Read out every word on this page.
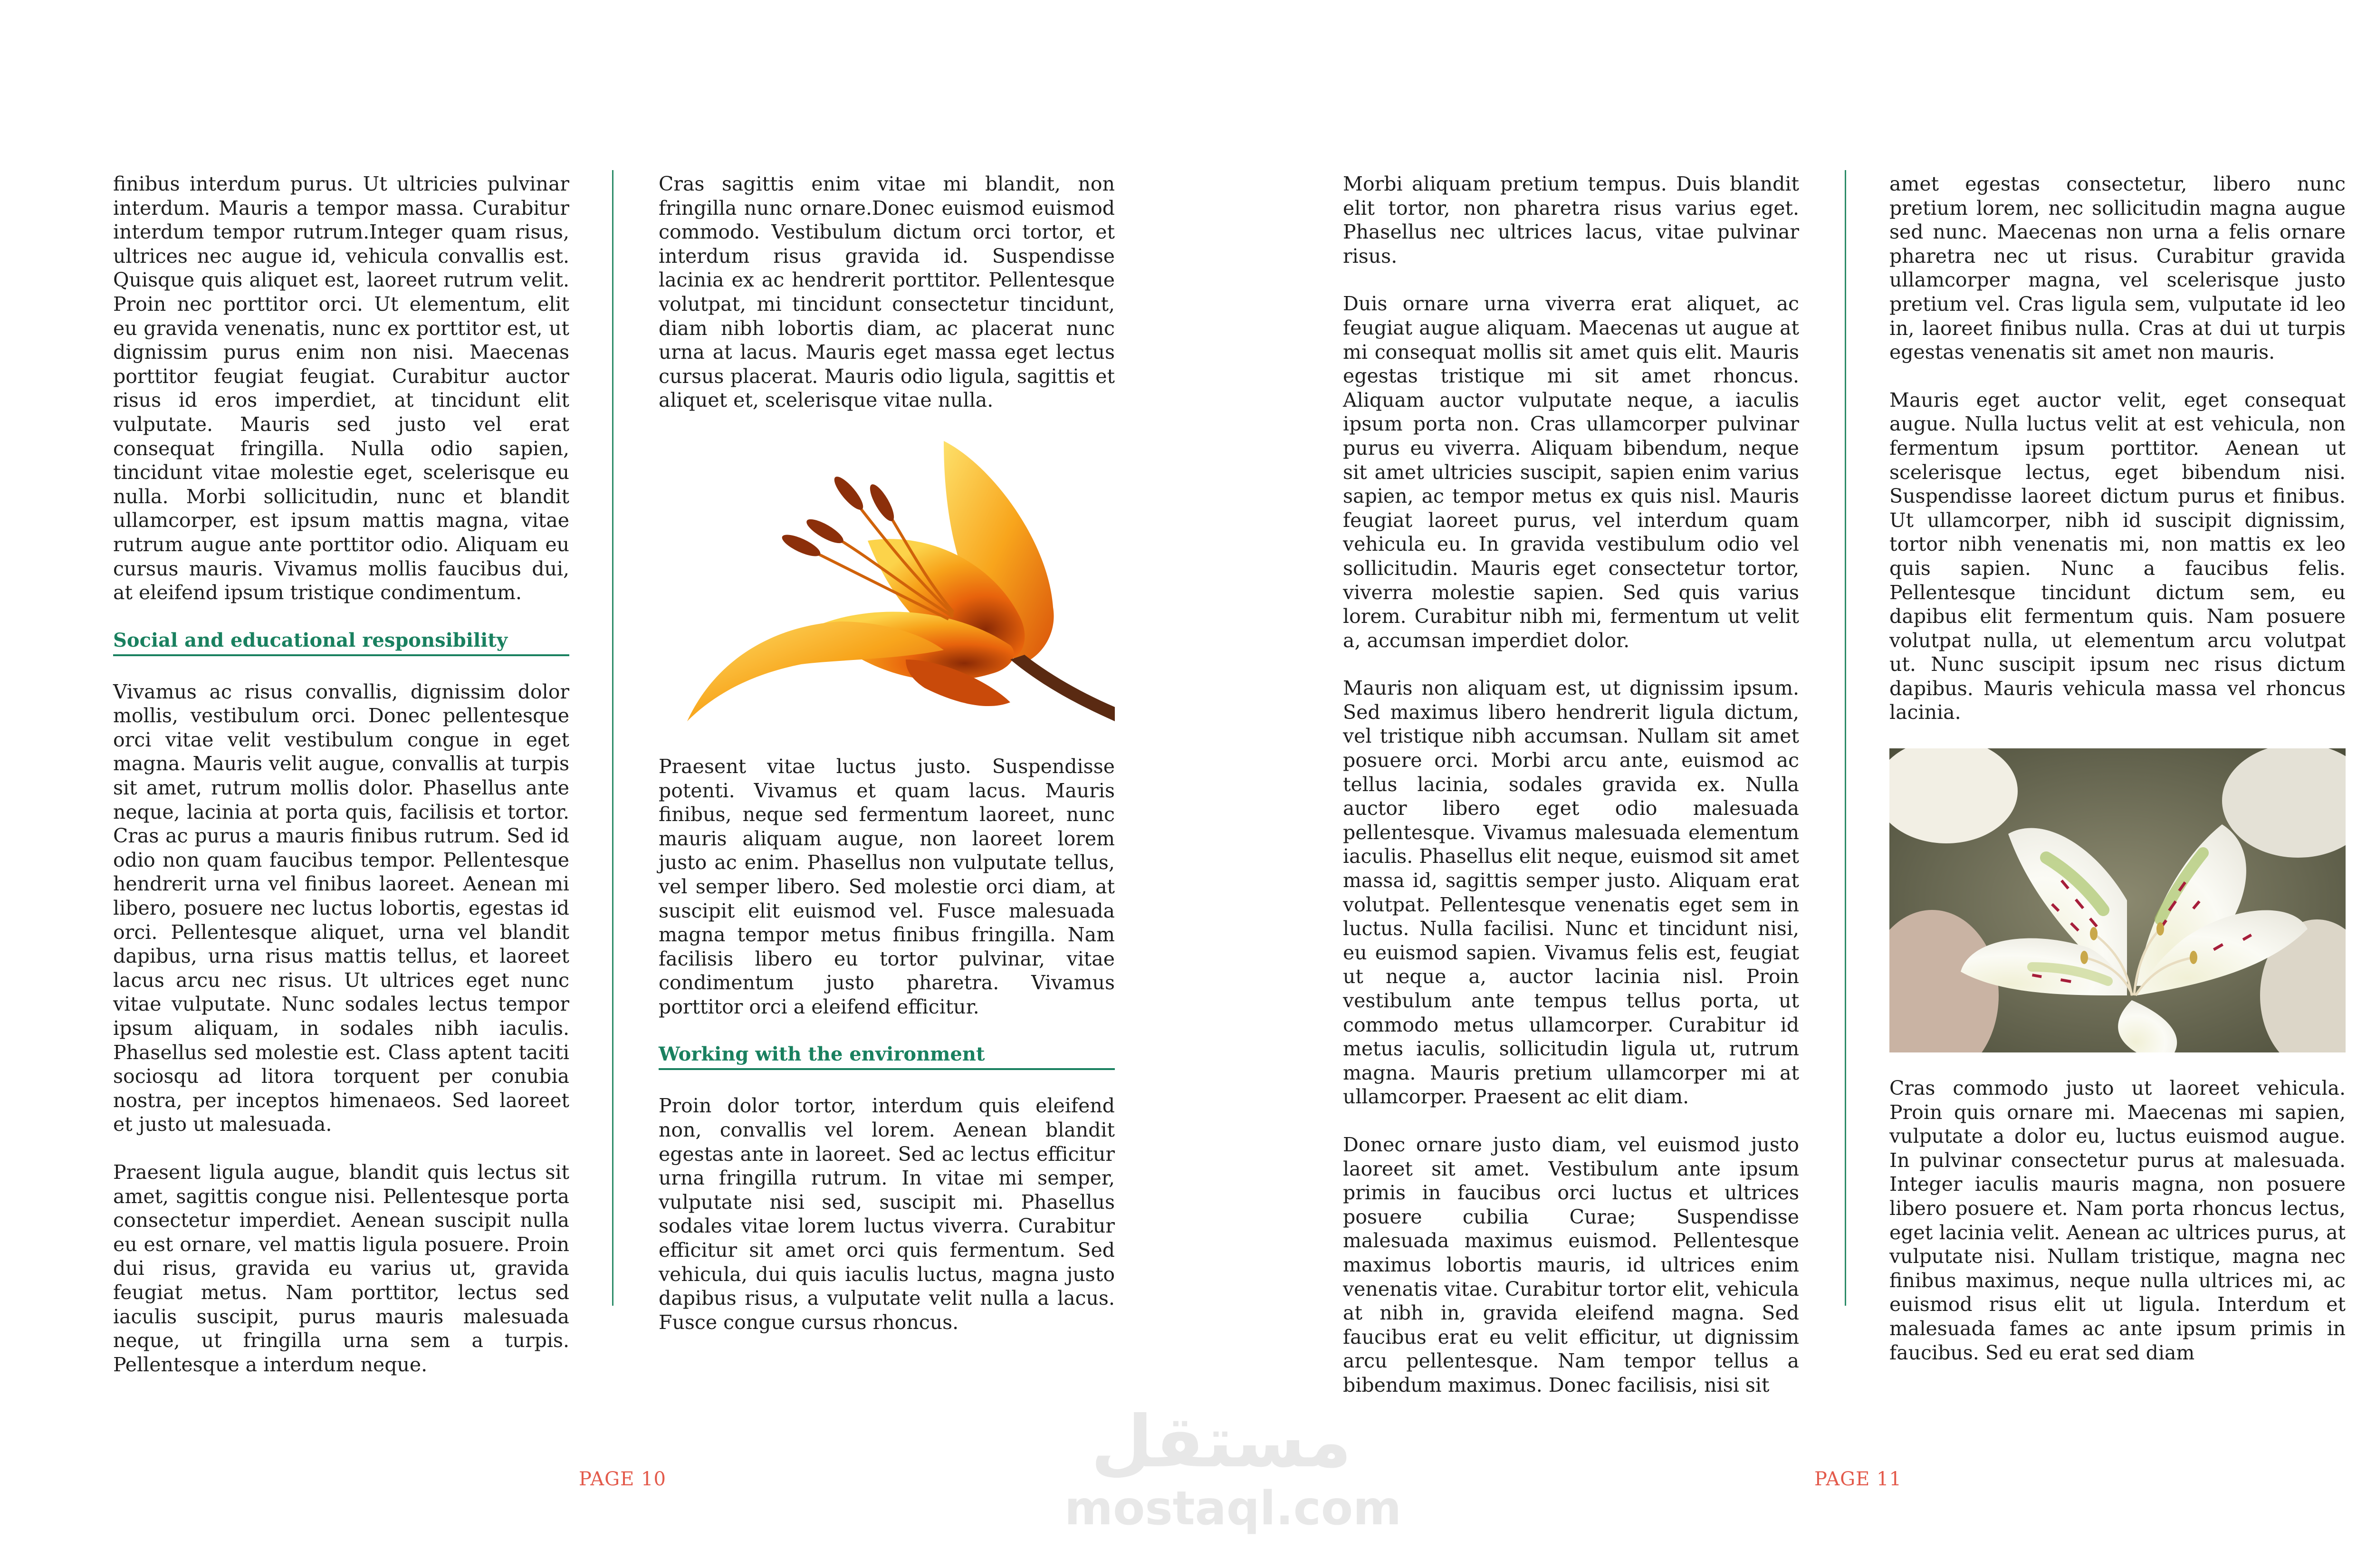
finibus interdum purus. Ut ultricies pulvinar interdum. Mauris a tempor massa. Curabitur interdum tempor rutrum.Integer quam risus, ultrices nec augue id, vehicula convallis est. Quisque quis aliquet est, laoreet rutrum velit. Proin nec porttitor orci. Ut elementum, elit eu gravida venenatis, nunc ex porttitor est, ut dignissim purus enim non nisi. Maecenas porttitor feugiat feugiat. Curabitur auctor risus id eros imperdiet, at tincidunt elit vulputate. Mauris sed justo vel erat consequat fringilla. Nulla odio sapien, tincidunt vitae molestie eget, scelerisque eu nulla. Morbi sollicitudin, nunc et blandit ullamcorper, est ipsum mattis magna, vitae rutrum augue ante porttitor odio. Aliquam eu cursus mauris. Vivamus mollis faucibus dui, at eleifend ipsum tristique condimentum.

Social and educational responsibility

Vivamus ac risus convallis, dignissim dolor mollis, vestibulum orci. Donec pellentesque orci vitae velit vestibulum congue in eget magna. Mauris velit augue, convallis at turpis sit amet, rutrum mollis dolor. Phasellus ante neque, lacinia at porta quis, facilisis et tortor. Cras ac purus a mauris finibus rutrum. Sed id odio non quam faucibus tempor. Pellentesque hendrerit urna vel finibus laoreet. Aenean mi libero, posuere nec luctus lobortis, egestas id orci. Pellentesque aliquet, urna vel blandit dapibus, urna risus mattis tellus, et laoreet lacus arcu nec risus. Ut ultrices eget nunc vitae vulputate. Nunc sodales lectus tempor ipsum aliquam, in sodales nibh iaculis. Phasellus sed molestie est. Class aptent taciti sociosqu ad litora torquent per conubia nostra, per inceptos himenaeos. Sed laoreet et justo ut malesuada.

Praesent ligula augue, blandit quis lectus sit amet, sagittis congue nisi. Pellentesque porta consectetur imperdiet. Aenean suscipit nulla eu est ornare, vel mattis ligula posuere. Proin dui risus, gravida eu varius ut, gravida feugiat metus. Nam porttitor, lectus sed iaculis suscipit, purus mauris malesuada neque, ut fringilla urna sem a turpis. Pellentesque a interdum neque.

Cras sagittis enim vitae mi blandit, non fringilla nunc ornare.Donec euismod euismod commodo. Vestibulum dictum orci tortor, et interdum risus gravida id. Suspendisse lacinia ex ac hendrerit porttitor. Pellentesque volutpat, mi tincidunt consectetur tincidunt, diam nibh lobortis diam, ac placerat nunc urna at lacus. Mauris eget massa eget lectus cursus placerat. Mauris odio ligula, sagittis et aliquet et, scelerisque vitae nulla.

Praesent vitae luctus justo. Suspendisse potenti. Vivamus et quam lacus. Mauris finibus, neque sed fermentum laoreet, nunc mauris aliquam augue, non laoreet lorem justo ac enim. Phasellus non vulputate tellus, vel semper libero. Sed molestie orci diam, at suscipit elit euismod vel. Fusce malesuada magna tempor metus finibus fringilla. Nam facilisis libero eu tortor pulvinar, vitae condimentum justo pharetra. Vivamus porttitor orci a eleifend efficitur.

Working with the environment

Proin dolor tortor, interdum quis eleifend non, convallis vel lorem. Aenean blandit egestas ante in laoreet. Sed ac lectus efficitur urna fringilla rutrum. In vitae mi semper, vulputate nisi sed, suscipit mi. Phasellus sodales vitae lorem luctus viverra. Curabitur efficitur sit amet orci quis fermentum. Sed vehicula, dui quis iaculis luctus, magna justo dapibus risus, a vulputate velit nulla a lacus. Fusce congue cursus rhoncus.

PAGE 10

Morbi aliquam pretium tempus. Duis blandit elit tortor, non pharetra risus varius eget. Phasellus nec ultrices lacus, vitae pulvinar risus.

Duis ornare urna viverra erat aliquet, ac feugiat augue aliquam. Maecenas ut augue at mi consequat mollis sit amet quis elit. Mauris egestas tristique mi sit amet rhoncus. Aliquam auctor vulputate neque, a iaculis ipsum porta non. Cras ullamcorper pulvinar purus eu viverra. Aliquam bibendum, neque sit amet ultricies suscipit, sapien enim varius sapien, ac tempor metus ex quis nisl. Mauris feugiat laoreet purus, vel interdum quam vehicula eu. In gravida vestibulum odio vel sollicitudin. Mauris eget consectetur tortor, viverra molestie sapien. Sed quis varius lorem. Curabitur nibh mi, fermentum ut velit a, accumsan imperdiet dolor.

Mauris non aliquam est, ut dignissim ipsum. Sed maximus libero hendrerit ligula dictum, vel tristique nibh accumsan. Nullam sit amet posuere orci. Morbi arcu ante, euismod ac tellus lacinia, sodales gravida ex. Nulla auctor libero eget odio malesuada pellentesque. Vivamus malesuada elementum iaculis. Phasellus elit neque, euismod sit amet massa id, sagittis semper justo. Aliquam erat volutpat. Pellentesque venenatis eget sem in luctus. Nulla facilisi. Nunc et tincidunt nisi, eu euismod sapien. Vivamus felis est, feugiat ut neque a, auctor lacinia nisl. Proin vestibulum ante tempus tellus porta, ut commodo metus ullamcorper. Curabitur id metus iaculis, sollicitudin ligula ut, rutrum magna. Mauris pretium ullamcorper mi at ullamcorper. Praesent ac elit diam.

Donec ornare justo diam, vel euismod justo laoreet sit amet. Vestibulum ante ipsum primis in faucibus orci luctus et ultrices posuere cubilia Curae; Suspendisse malesuada maximus euismod. Pellentesque maximus lobortis mauris, id ultrices enim venenatis vitae. Curabitur tortor elit, vehicula at nibh in, gravida eleifend magna. Sed faucibus erat eu velit efficitur, ut dignissim arcu pellentesque. Nam tempor tellus a bibendum maximus. Donec facilisis, nisi sit

amet egestas consectetur, libero nunc pretium lorem, nec sollicitudin magna augue sed nunc. Maecenas non urna a felis ornare pharetra nec ut risus. Curabitur gravida ullamcorper magna, vel scelerisque justo pretium vel. Cras ligula sem, vulputate id leo in, laoreet finibus nulla. Cras at dui ut turpis egestas venenatis sit amet non mauris.

Mauris eget auctor velit, eget consequat augue. Nulla luctus velit at est vehicula, non fermentum ipsum porttitor. Aenean ut scelerisque lectus, eget bibendum nisi. Suspendisse laoreet dictum purus et finibus. Ut ullamcorper, nibh id suscipit dignissim, tortor nibh venenatis mi, non mattis ex leo quis sapien. Nunc a faucibus felis. Pellentesque tincidunt dictum sem, eu dapibus elit fermentum quis. Nam posuere volutpat nulla, ut elementum arcu volutpat ut. Nunc suscipit ipsum nec risus dictum dapibus. Mauris vehicula massa vel rhoncus lacinia.

Cras commodo justo ut laoreet vehicula. Proin quis ornare mi. Maecenas mi sapien, vulputate a dolor eu, luctus euismod augue. In pulvinar consectetur purus at malesuada. Integer iaculis mauris magna, non posuere libero posuere et. Nam porta rhoncus lectus, eget lacinia velit. Aenean ac ultrices purus, at vulputate nisi. Nullam tristique, magna nec finibus maximus, neque nulla ultrices mi, ac euismod risus elit ut ligula. Interdum et malesuada fames ac ante ipsum primis in faucibus. Sed eu erat sed diam

PAGE 11
مستقل
mostaql.com
